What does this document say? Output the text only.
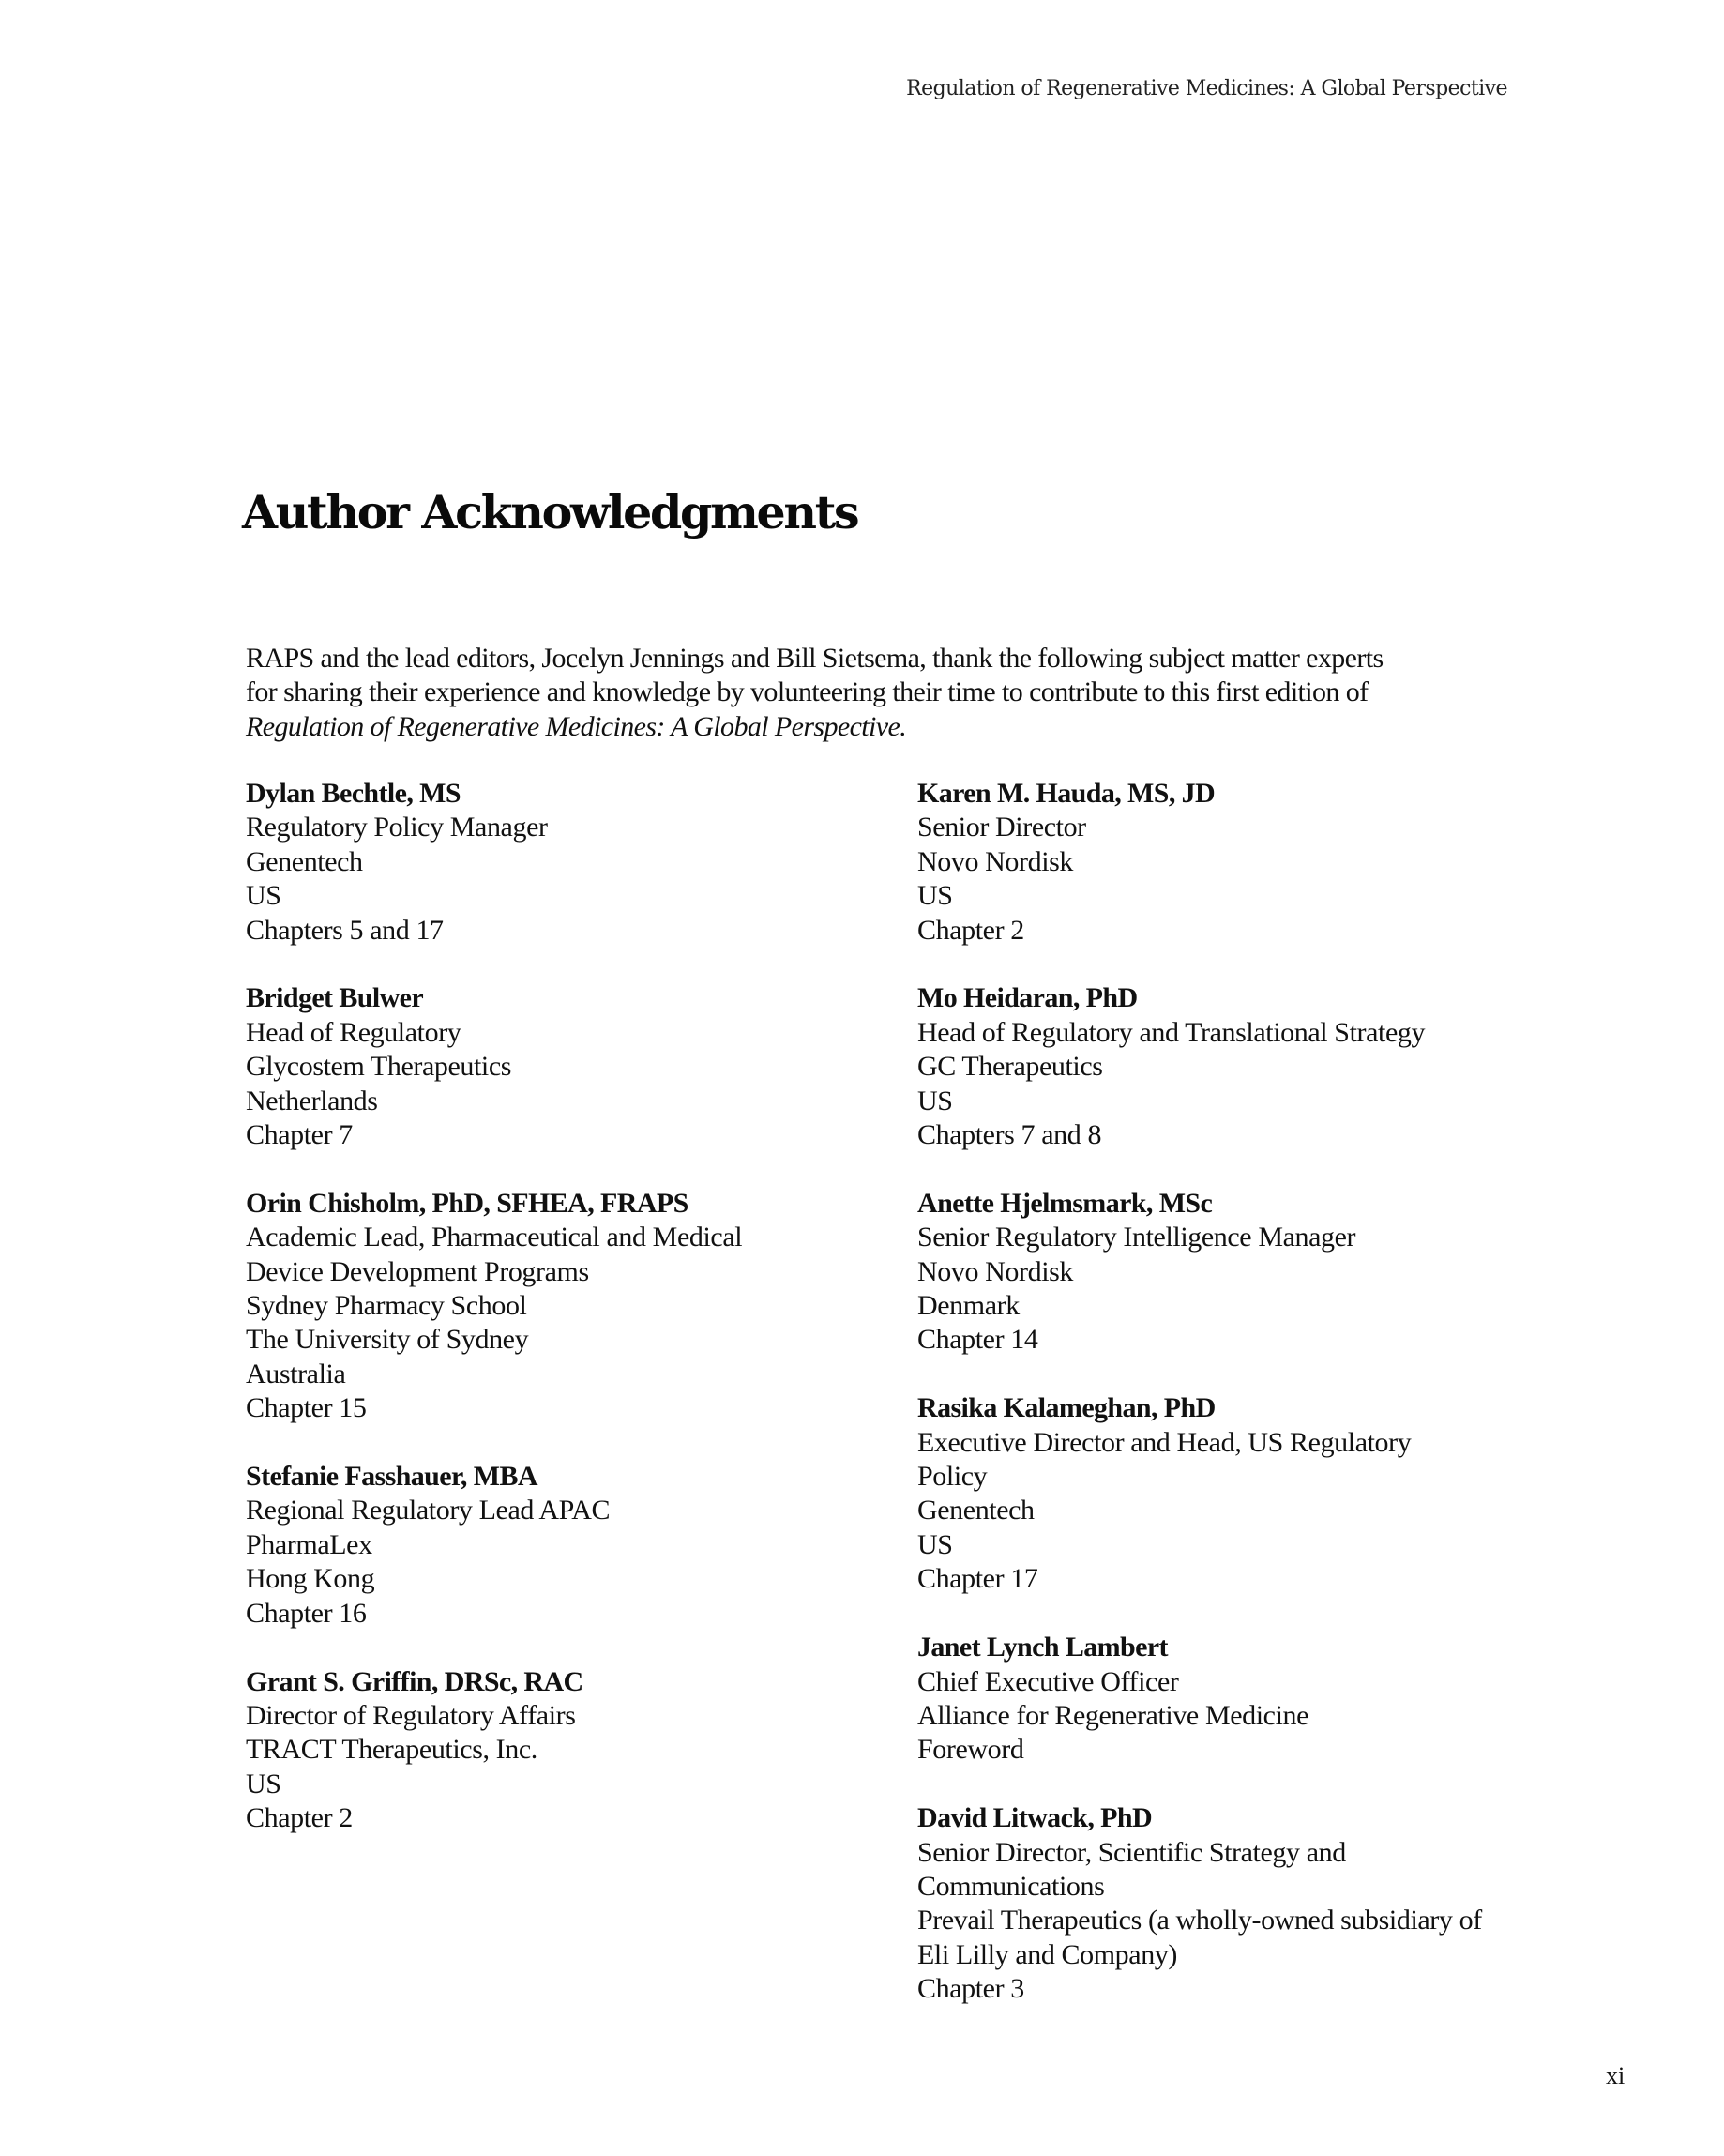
Regulation of Regenerative Medicines: A Global Perspective
Author Acknowledgments
RAPS and the lead editors, Jocelyn Jennings and Bill Sietsema, thank the following subject matter experts
for sharing their experience and knowledge by volunteering their time to contribute to this first edition of
Regulation of Regenerative Medicines: A Global Perspective.
Dylan Bechtle, MS
Regulatory Policy Manager
Genentech
US
Chapters 5 and 17
Bridget Bulwer
Head of Regulatory
Glycostem Therapeutics
Netherlands
Chapter 7
Orin Chisholm, PhD, SFHEA, FRAPS
Academic Lead, Pharmaceutical and Medical
Device Development Programs
Sydney Pharmacy School
The University of Sydney
Australia
Chapter 15
Stefanie Fasshauer, MBA
Regional Regulatory Lead APAC
PharmaLex
Hong Kong
Chapter 16
Grant S. Griffin, DRSc, RAC
Director of Regulatory Affairs
TRACT Therapeutics, Inc.
US
Chapter 2
Karen M. Hauda, MS, JD
Senior Director
Novo Nordisk
US
Chapter 2
Mo Heidaran, PhD
Head of Regulatory and Translational Strategy
GC Therapeutics
US
Chapters 7 and 8
Anette Hjelmsmark, MSc
Senior Regulatory Intelligence Manager
Novo Nordisk
Denmark
Chapter 14
Rasika Kalameghan, PhD
Executive Director and Head, US Regulatory
Policy
Genentech
US
Chapter 17
Janet Lynch Lambert
Chief Executive Officer
Alliance for Regenerative Medicine
Foreword
David Litwack, PhD
Senior Director, Scientific Strategy and
Communications
Prevail Therapeutics (a wholly-owned subsidiary of
Eli Lilly and Company)
Chapter 3
xi
